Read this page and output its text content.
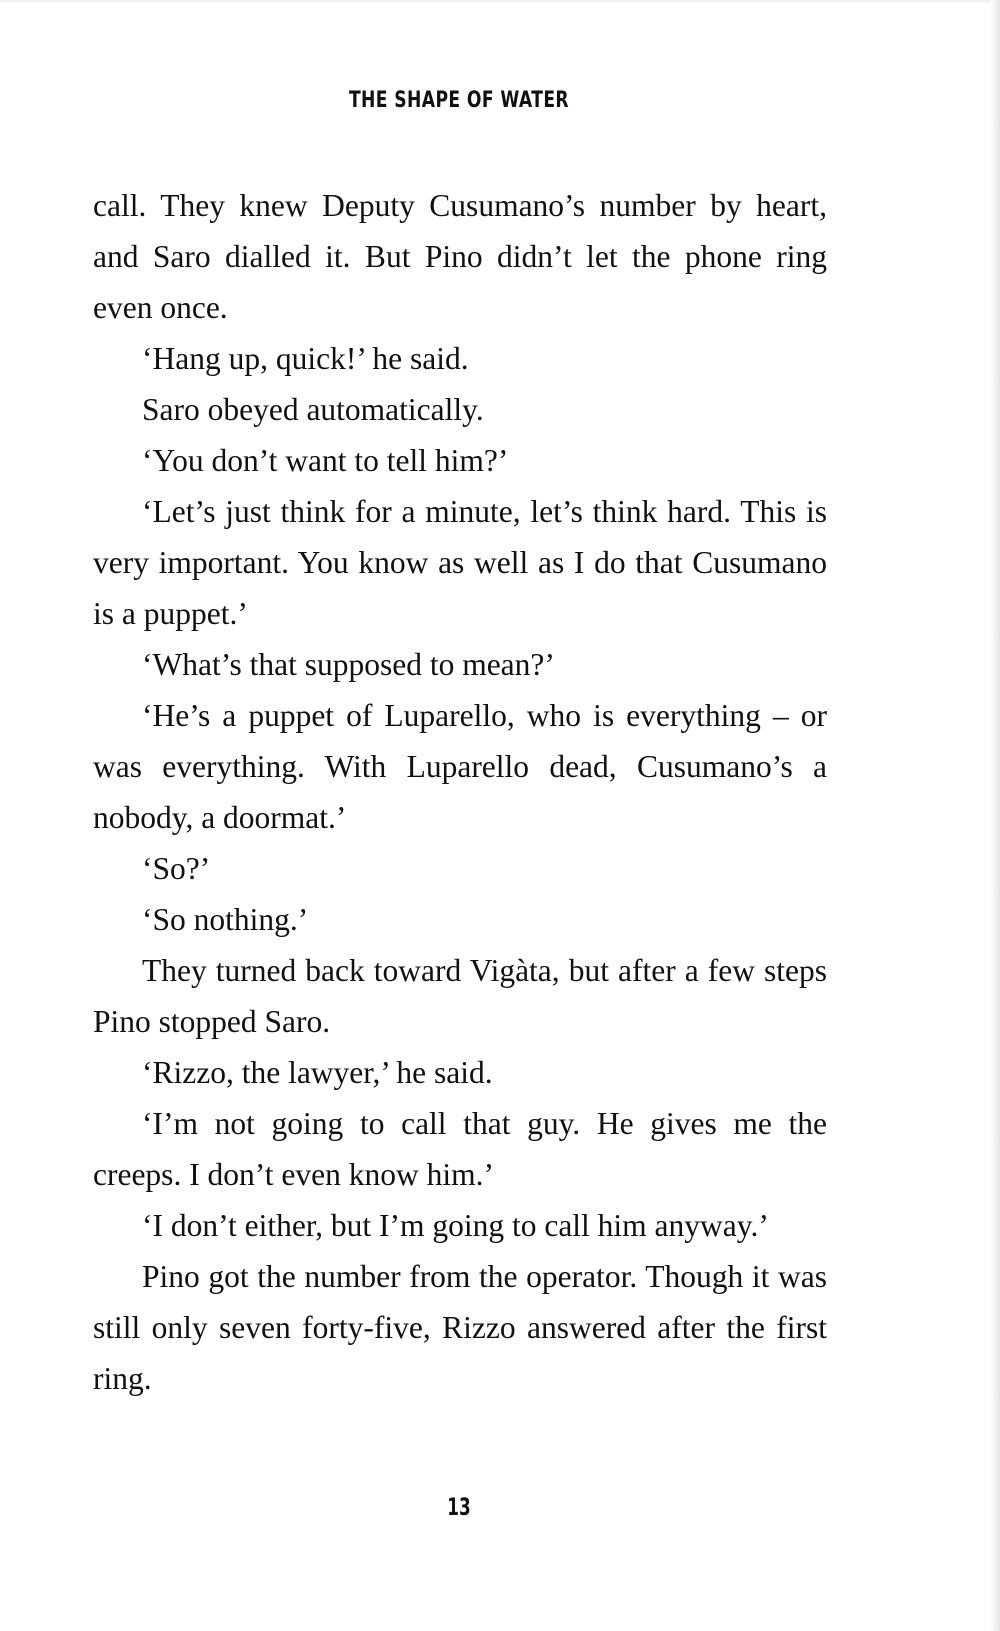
THE SHAPE OF WATER

call. They knew Deputy Cusumano’s number by heart, and Saro dialled it. But Pino didn’t let the phone ring even once.

‘Hang up, quick!’ he said.

Saro obeyed automatically.

‘You don’t want to tell him?’

‘Let’s just think for a minute, let’s think hard. This is very important. You know as well as I do that Cusumano is a puppet.’

‘What’s that supposed to mean?’

‘He’s a puppet of Luparello, who is everything – or was everything. With Luparello dead, Cusumano’s a nobody, a doormat.’

‘So?’

‘So nothing.’

They turned back toward Vigàta, but after a few steps Pino stopped Saro.

‘Rizzo, the lawyer,’ he said.

‘I’m not going to call that guy. He gives me the creeps. I don’t even know him.’

‘I don’t either, but I’m going to call him anyway.’

Pino got the number from the operator. Though it was still only seven forty-five, Rizzo answered after the first ring.

13
